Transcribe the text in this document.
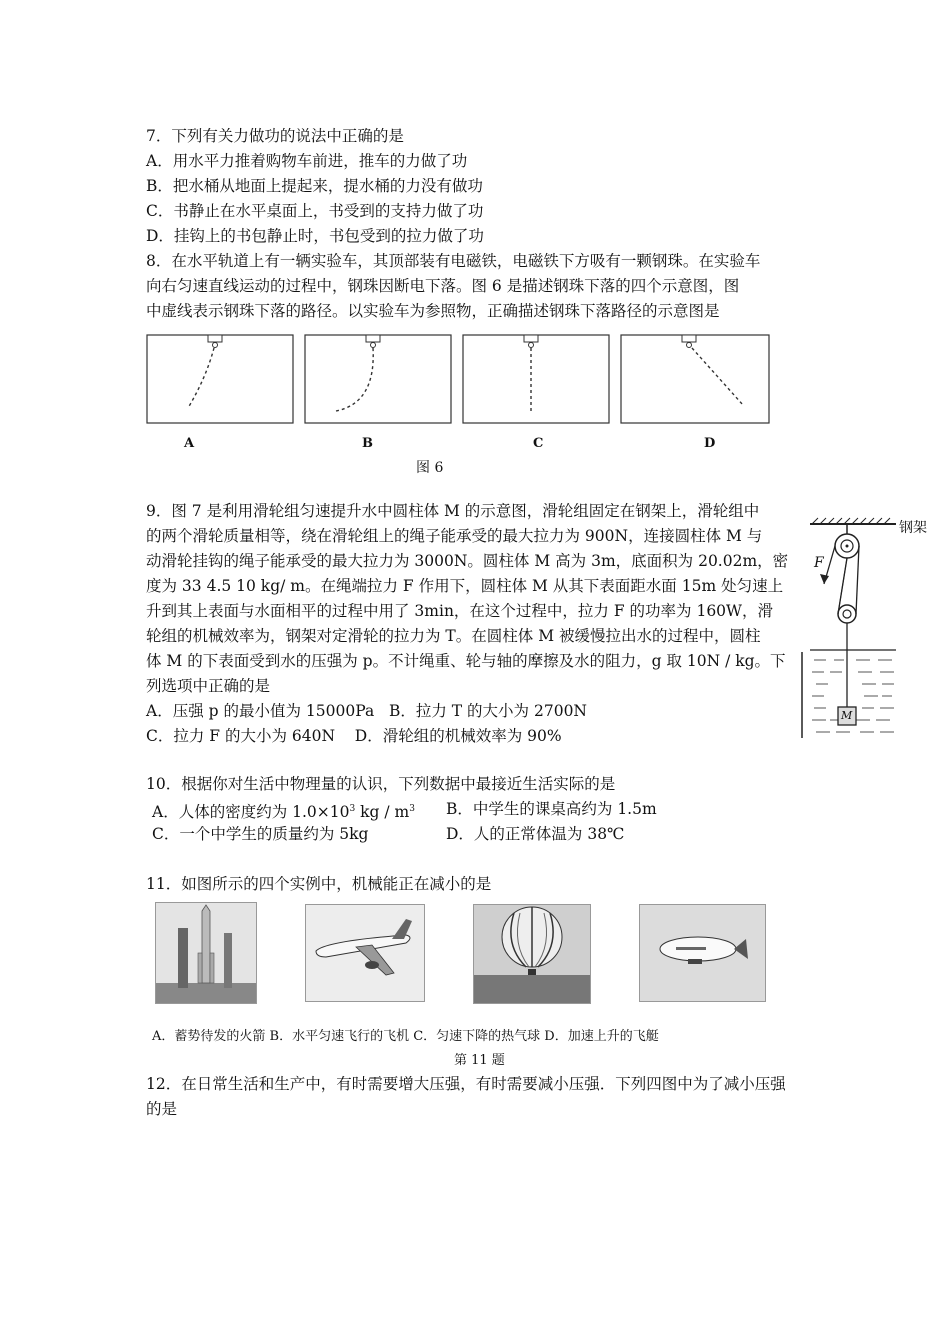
7．下列有关力做功的说法中正确的是
A．用水平力推着购物车前进，推车的力做了功
B．把水桶从地面上提起来，提水桶的力没有做功
C．书静止在水平桌面上，书受到的支持力做了功
D．挂钩上的书包静止时，书包受到的拉力做了功
8．在水平轨道上有一辆实验车，其顶部装有电磁铁，电磁铁下方吸有一颗钢珠。在实验车
向右匀速直线运动的过程中，钢珠因断电下落。图 6 是描述钢珠下落的四个示意图，图
中虚线表示钢珠下落的路径。以实验车为参照物，正确描述钢珠下落路径的示意图是
A	B	C	D
图 6
9．图 7 是利用滑轮组匀速提升水中圆柱体 M 的示意图，滑轮组固定在钢架上，滑轮组中
的两个滑轮质量相等，绕在滑轮组上的绳子能承受的最大拉力为 900N，连接圆柱体 M 与
动滑轮挂钩的绳子能承受的最大拉力为 3000N。圆柱体 M 高为 3m，底面积为 20.02m，密
度为 33 4.5 10 kg/ m。在绳端拉力 F 作用下，圆柱体 M 从其下表面距水面 15m 处匀速上
升到其上表面与水面相平的过程中用了 3min，在这个过程中，拉力 F 的功率为 160W，滑
轮组的机械效率为，钢架对定滑轮的拉力为 T。在圆柱体 M 被缓慢拉出水的过程中，圆柱
体 M 的下表面受到水的压强为 p。不计绳重、轮与轴的摩擦及水的阻力，g 取 10N / kg。下
列选项中正确的是
A．压强 p 的最小值为 15000Pa B．拉力 T 的大小为 2700N
C．拉力 F 的大小为 640N D．滑轮组的机械效率为 90%
钢架
F
M
10．根据你对生活中物理量的认识，下列数据中最接近生活实际的是
A．人体的密度约为 $1.0\times 10^3$ kg / $m^3$ B．中学生的课桌高约为 1.5m
C．一个中学生的质量约为 5kg	D．人的正常体温为 38℃
11．如图所示的四个实例中，机械能正在减小的是
A．蓄势待发的火箭 B．水平匀速飞行的飞机 C．匀速下降的热气球 D．加速上升的飞艇
第 11 题
12．在日常生活和生产中，有时需要增大压强，有时需要减小压强．下列四图中为了减小压强
的是
